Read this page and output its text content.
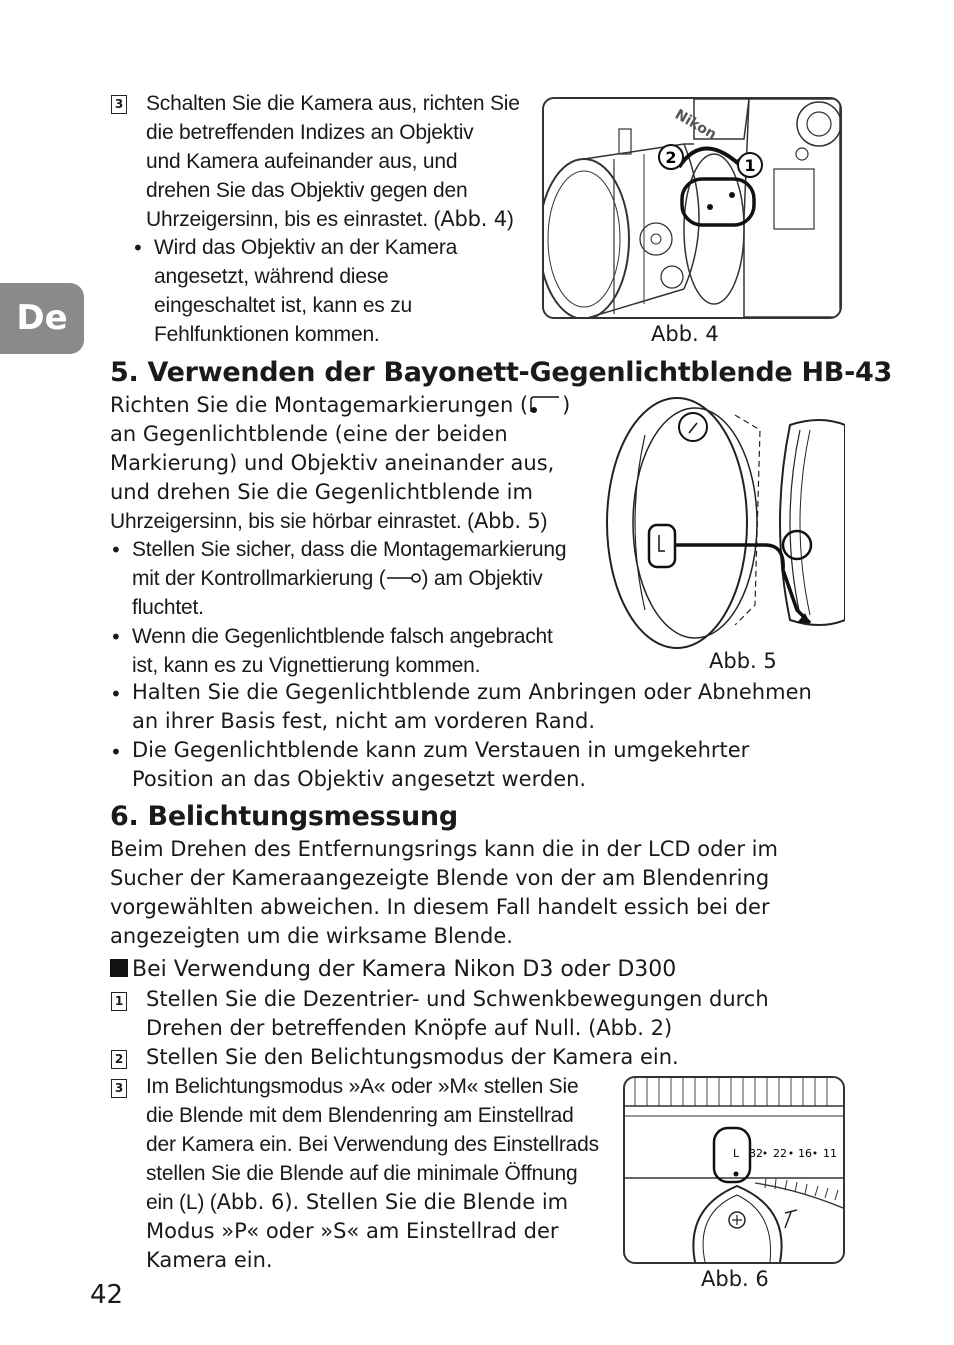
De
3 Schalten Sie die Kamera aus, richten Sie
die betreffenden Indizes an Objektiv
und Kamera aufeinander aus, und
drehen Sie das Objektiv gegen den
Uhrzeigersinn, bis es einrastet. (Abb. 4)
• Wird das Objektiv an der Kamera
angesetzt, während diese
eingeschaltet ist, kann es zu
Fehlfunktionen kommen.
2	1
Nikon
Abb. 4
5. Verwenden der Bayonett-Gegenlichtblende HB-43
Richten Sie die Montagemarkierungen ( )
an Gegenlichtblende (eine der beiden
Markierung) und Objektiv aneinander aus,
und drehen Sie die Gegenlichtblende im
Uhrzeigersinn, bis sie hörbar einrastet. (Abb. 5)
• Stellen Sie sicher, dass die Montagemarkierung
mit der Kontrollmarkierung ( ) am Objektiv
fluchtet.
• Wenn die Gegenlichtblende falsch angebracht
ist, kann es zu Vignettierung kommen.
• Halten Sie die Gegenlichtblende zum Anbringen oder Abnehmen
an ihrer Basis fest, nicht am vorderen Rand.
• Die Gegenlichtblende kann zum Verstauen in umgekehrter
Position an das Objektiv angesetzt werden.
Abb. 5
6. Belichtungsmessung
Beim Drehen des Entfernungsrings kann die in der LCD oder im
Sucher der Kameraangezeigte Blende von der am Blendenring
vorgewählten abweichen. In diesem Fall handelt essich bei der
angezeigten um die wirksame Blende.
Bei Verwendung der Kamera Nikon D3 oder D300
1 Stellen Sie die Dezentrier- und Schwenkbewegungen durch
Drehen der betreffenden Knöpfe auf Null. (Abb. 2)
2 Stellen Sie den Belichtungsmodus der Kamera ein.
3 Im Belichtungsmodus »A« oder »M« stellen Sie
die Blende mit dem Blendenring am Einstellrad
der Kamera ein. Bei Verwendung des Einstellrads
stellen Sie die Blende auf die minimale Öffnung
ein (L) (Abb. 6). Stellen Sie die Blende im
Modus »P« oder »S« am Einstellrad der
Kamera ein.
L 32 22 16 11
Abb. 6
42
